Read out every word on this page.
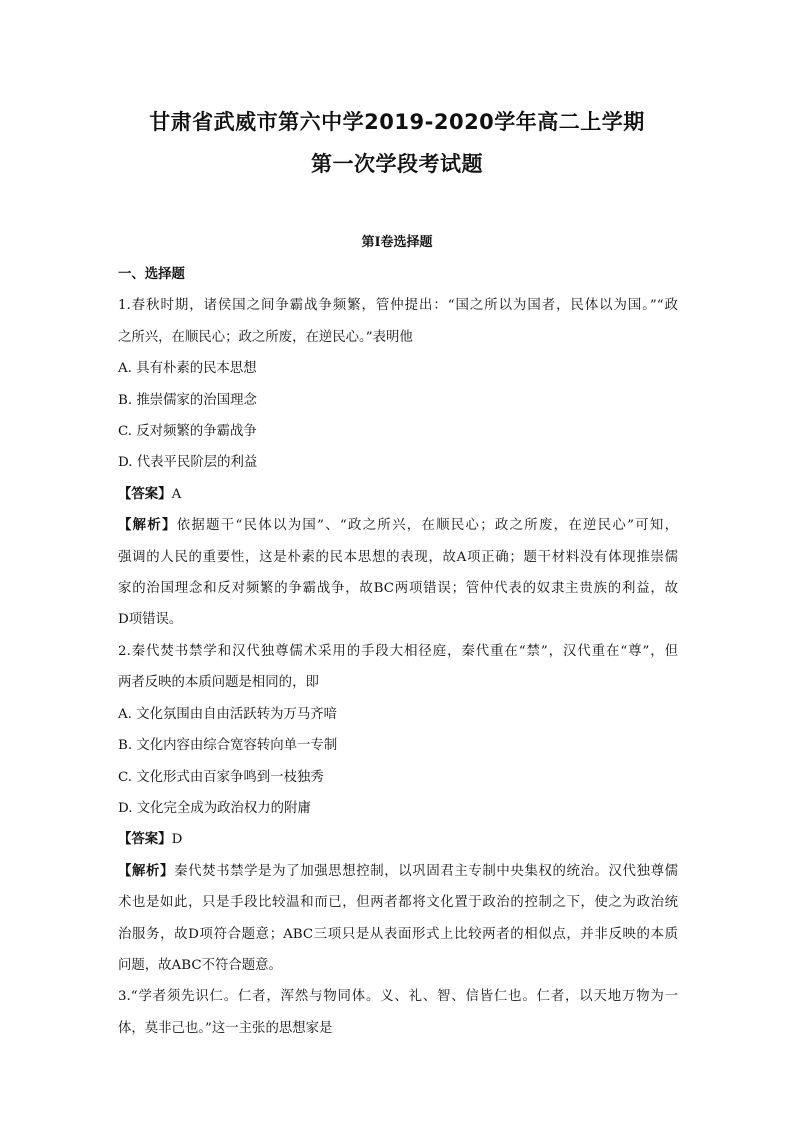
甘肃省武威市第六中学2019-2020学年高二上学期
第一次学段考试题
第I卷选择题
一、选择题
1.春秋时期，诸侯国之间争霸战争频繁，管仲提出：“国之所以为国者，民体以为国。”“政
之所兴，在顺民心；政之所废，在逆民心。”表明他
A. 具有朴素的民本思想
B. 推崇儒家的治国理念
C. 反对频繁的争霸战争
D. 代表平民阶层的利益
【答案】A
【解析】依据题干“民体以为国”、“政之所兴，在顺民心；政之所废，在逆民心”可知，
强调的人民的重要性，这是朴素的民本思想的表现，故A项正确；题干材料没有体现推崇儒
家的治国理念和反对频繁的争霸战争，故BC两项错误；管仲代表的奴隶主贵族的利益，故
D项错误。
2.秦代焚书禁学和汉代独尊儒术采用的手段大相径庭，秦代重在“禁”，汉代重在“尊”，但
两者反映的本质问题是相同的，即
A. 文化氛围由自由活跃转为万马齐喑
B. 文化内容由综合宽容转向单一专制
C. 文化形式由百家争鸣到一枝独秀
D. 文化完全成为政治权力的附庸
【答案】D
【解析】秦代焚书禁学是为了加强思想控制，以巩固君主专制中央集权的统治。汉代独尊儒
术也是如此，只是手段比较温和而已，但两者都将文化置于政治的控制之下，使之为政治统
治服务，故D项符合题意；ABC三项只是从表面形式上比较两者的相似点，并非反映的本质
问题，故ABC不符合题意。
3.“学者须先识仁。仁者，浑然与物同体。义、礼、智、信皆仁也。仁者，以天地万物为一
体，莫非己也。”这一主张的思想家是
